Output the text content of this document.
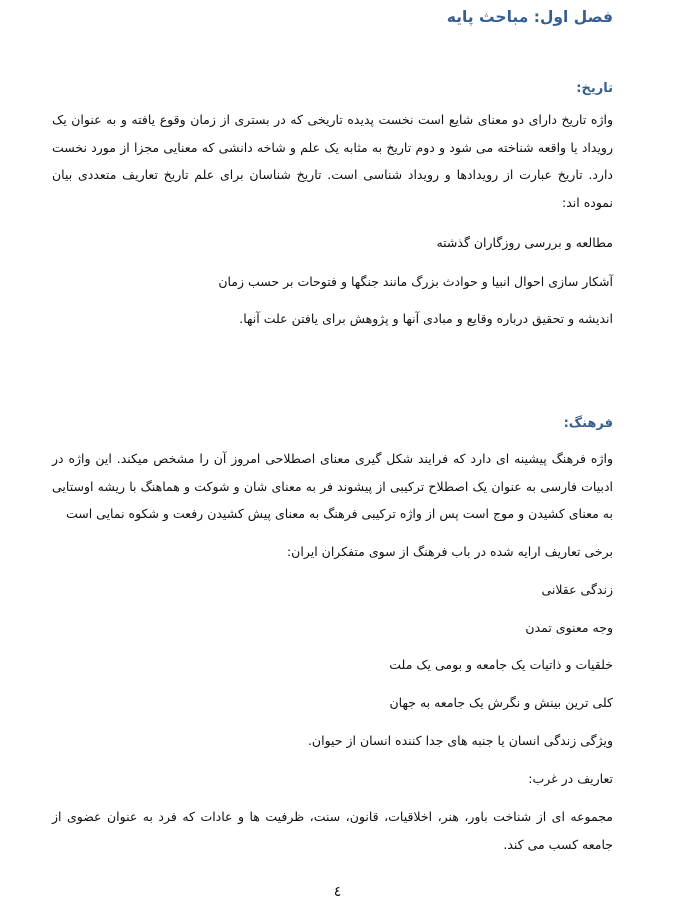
فصل اول: مباحث پایه
تاریخ:

واژه تاریخ دارای دو معنای شایع است نخست پدیده تاریخی که در بستری از زمان وقوع یافته و به عنوان یک رویداد یا واقعه شناخته می شود و دوم تاریخ به مثابه یک علم و شاخه دانشی که معنایی مجزا از مورد نخست دارد. تاریخ عبارت از رویدادها و رویداد شناسی است. تاریخ شناسان برای علم تاریخ تعاریف متعددی بیان نموده اند:

مطالعه و بررسی روزگاران گذشته
آشکار سازی احوال انبیا و حوادث بزرگ مانند جنگها و فتوحات بر حسب زمان
اندیشه و تحقیق درباره وقایع و مبادی آنها و پژوهش برای یافتن علت آنها.
فرهنگ:

واژه فرهنگ پیشینه ای دارد که فرایند شکل گیری معنای اصطلاحی امروز آن را مشخص میکند. این واژه در ادبیات فارسی به عنوان یک اصطلاح ترکیبی از پیشوند فر به معنای شان و شوکت و هماهنگ با ریشه اوستایی به معنای کشیدن و موج است پس از واژه ترکیبی فرهنگ به معنای پیش کشیدن رفعت و شکوه نمایی است

برخی تعاریف ارایه شده در باب فرهنگ از سوی متفکران ایران:
زندگی عقلانی
وجه معنوی تمدن
خلقیات و ذاتیات یک جامعه و بومی یک ملت
کلی ترین بینش و نگرش یک جامعه به جهان
ویژگی زندگی انسان یا جنبه های جدا کننده انسان از حیوان.
تعاریف در غرب:

مجموعه ای از شناخت باور، هنر، اخلاقیات، قانون، سنت، ظرفیت ها و عادات که فرد به عنوان عضوی از جامعه کسب می کند.

٤
